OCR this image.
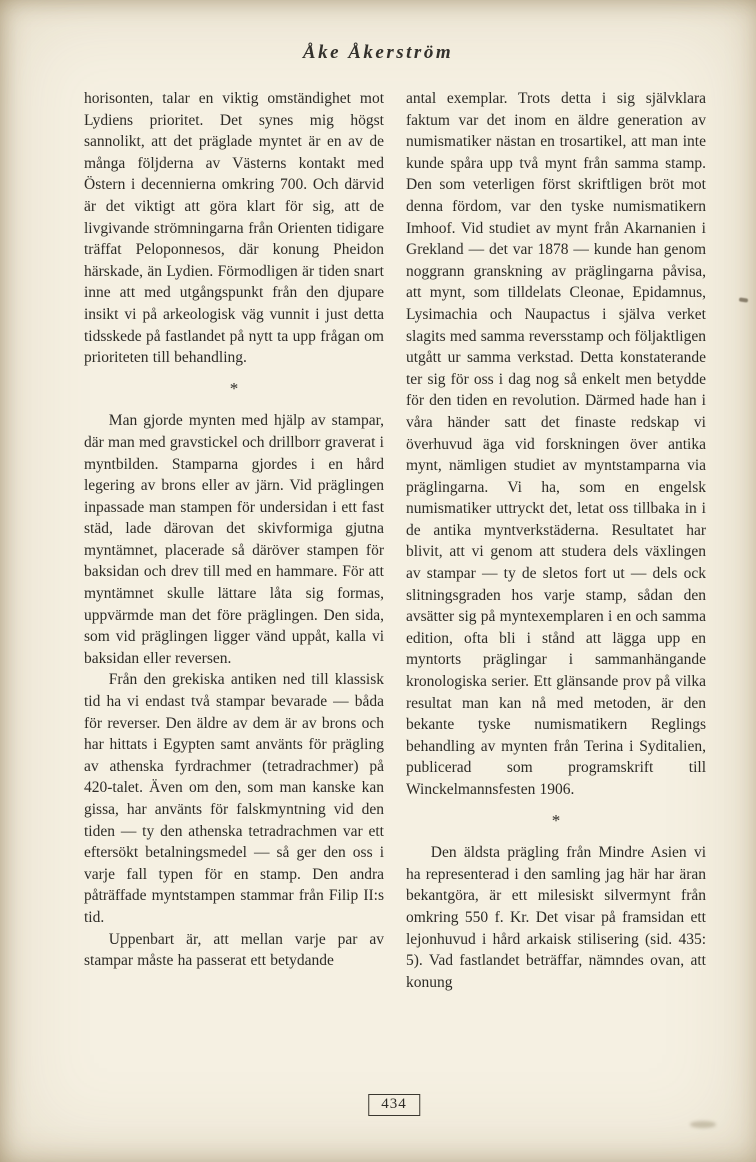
Åke Åkerström

horisonten, talar en viktig omständighet mot Lydiens prioritet. Det synes mig högst sannolikt, att det präglade myntet är en av de många följderna av Västerns kontakt med Östern i decennierna omkring 700. Och därvid är det viktigt att göra klart för sig, att de livgivande strömningarna från Orienten tidigare träffat Peloponnesos, där konung Pheidon härskade, än Lydien. Förmodligen är tiden snart inne att med utgångspunkt från den djupare insikt vi på arkeologisk väg vunnit i just detta tidsskede på fastlandet på nytt ta upp frågan om prioriteten till behandling.

*

Man gjorde mynten med hjälp av stampar, där man med gravstickel och drillborr graverat i myntbilden. Stamparna gjordes i en hård legering av brons eller av järn. Vid präglingen inpassade man stampen för undersidan i ett fast städ, lade därovan det skivformiga gjutna myntämnet, placerade så däröver stampen för baksidan och drev till med en hammare. För att myntämnet skulle lättare låta sig formas, uppvärmde man det före präglingen. Den sida, som vid präglingen ligger vänd uppåt, kalla vi baksidan eller reversen.

Från den grekiska antiken ned till klassisk tid ha vi endast två stampar bevarade — båda för reverser. Den äldre av dem är av brons och har hittats i Egypten samt använts för prägling av athenska fyrdrachmer (tetradrachmer) på 420-talet. Även om den, som man kanske kan gissa, har använts för falskmyntning vid den tiden — ty den athenska tetradrachmen var ett eftersökt betalningsmedel — så ger den oss i varje fall typen för en stamp. Den andra påträffade myntstampen stammar från Filip II:s tid.

Uppenbart är, att mellan varje par av stampar måste ha passerat ett betydande

antal exemplar. Trots detta i sig självklara faktum var det inom en äldre generation av numismatiker nästan en trosartikel, att man inte kunde spåra upp två mynt från samma stamp. Den som veterligen först skriftligen bröt mot denna fördom, var den tyske numismatikern Imhoof. Vid studiet av mynt från Akarnanien i Grekland — det var 1878 — kunde han genom noggrann granskning av präglingarna påvisa, att mynt, som tilldelats Cleonae, Epidamnus, Lysimachia och Naupactus i själva verket slagits med samma reversstamp och följaktligen utgått ur samma verkstad. Detta konstaterande ter sig för oss i dag nog så enkelt men betydde för den tiden en revolution. Därmed hade han i våra händer satt det finaste redskap vi överhuvud äga vid forskningen över antika mynt, nämligen studiet av myntstamparna via präglingarna. Vi ha, som en engelsk numismatiker uttryckt det, letat oss tillbaka in i de antika myntverkstäderna. Resultatet har blivit, att vi genom att studera dels växlingen av stampar — ty de sletos fort ut — dels ock slitningsgraden hos varje stamp, sådan den avsätter sig på myntexemplaren i en och samma edition, ofta bli i stånd att lägga upp en myntorts präglingar i sammanhängande kronologiska serier. Ett glänsande prov på vilka resultat man kan nå med metoden, är den bekante tyske numismatikern Reglings behandling av mynten från Terina i Syditalien, publicerad som programskrift till Winckelmannsfesten 1906.

*

Den äldsta prägling från Mindre Asien vi ha representerad i den samling jag här har äran bekantgöra, är ett milesiskt silvermynt från omkring 550 f. Kr. Det visar på framsidan ett lejonhuvud i hård arkaisk stilisering (sid. 435: 5). Vad fastlandet beträffar, nämndes ovan, att konung

434
